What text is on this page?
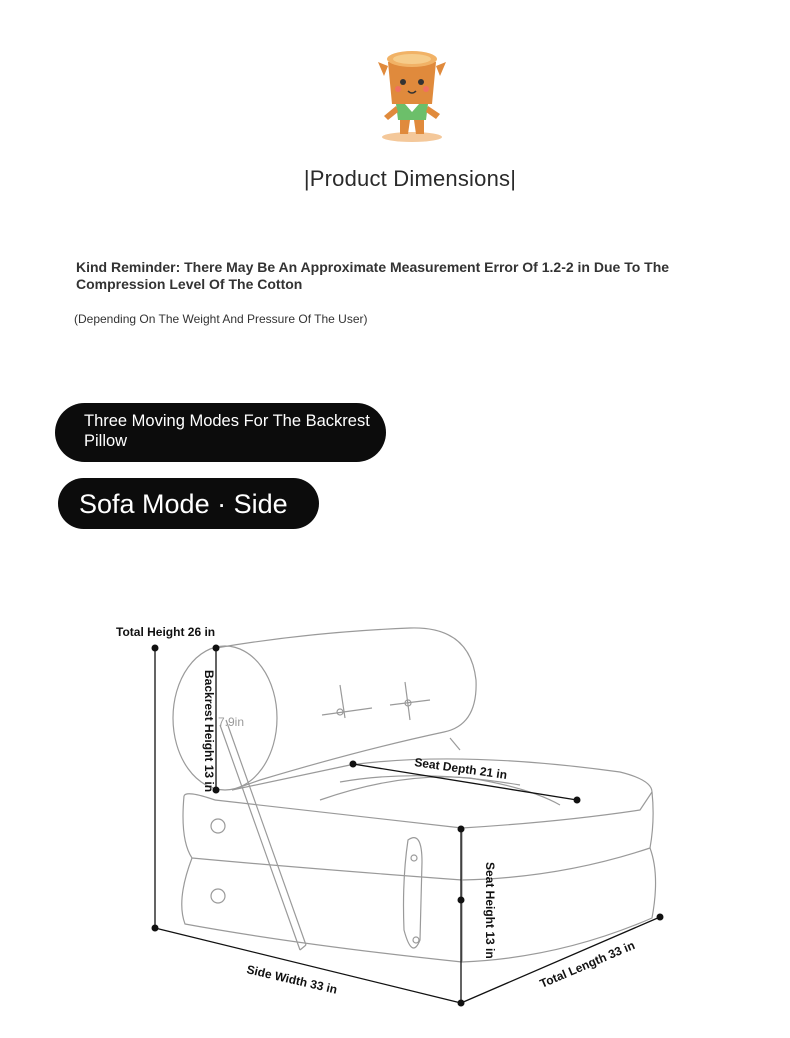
|Product Dimensions|
Kind Reminder: There May Be An Approximate Measurement Error Of 1.2-2 in Due To The Compression Level Of The Cotton
(Depending On The Weight And Pressure Of The User)
Three Moving Modes For The Backrest Pillow
Sofa Mode · Side
Total Height 26 in
Backrest Height 13 in 7.9in
Seat Depth 21 in
Seat Height 13 in
Side Width 33 in	Total Length 33 in
